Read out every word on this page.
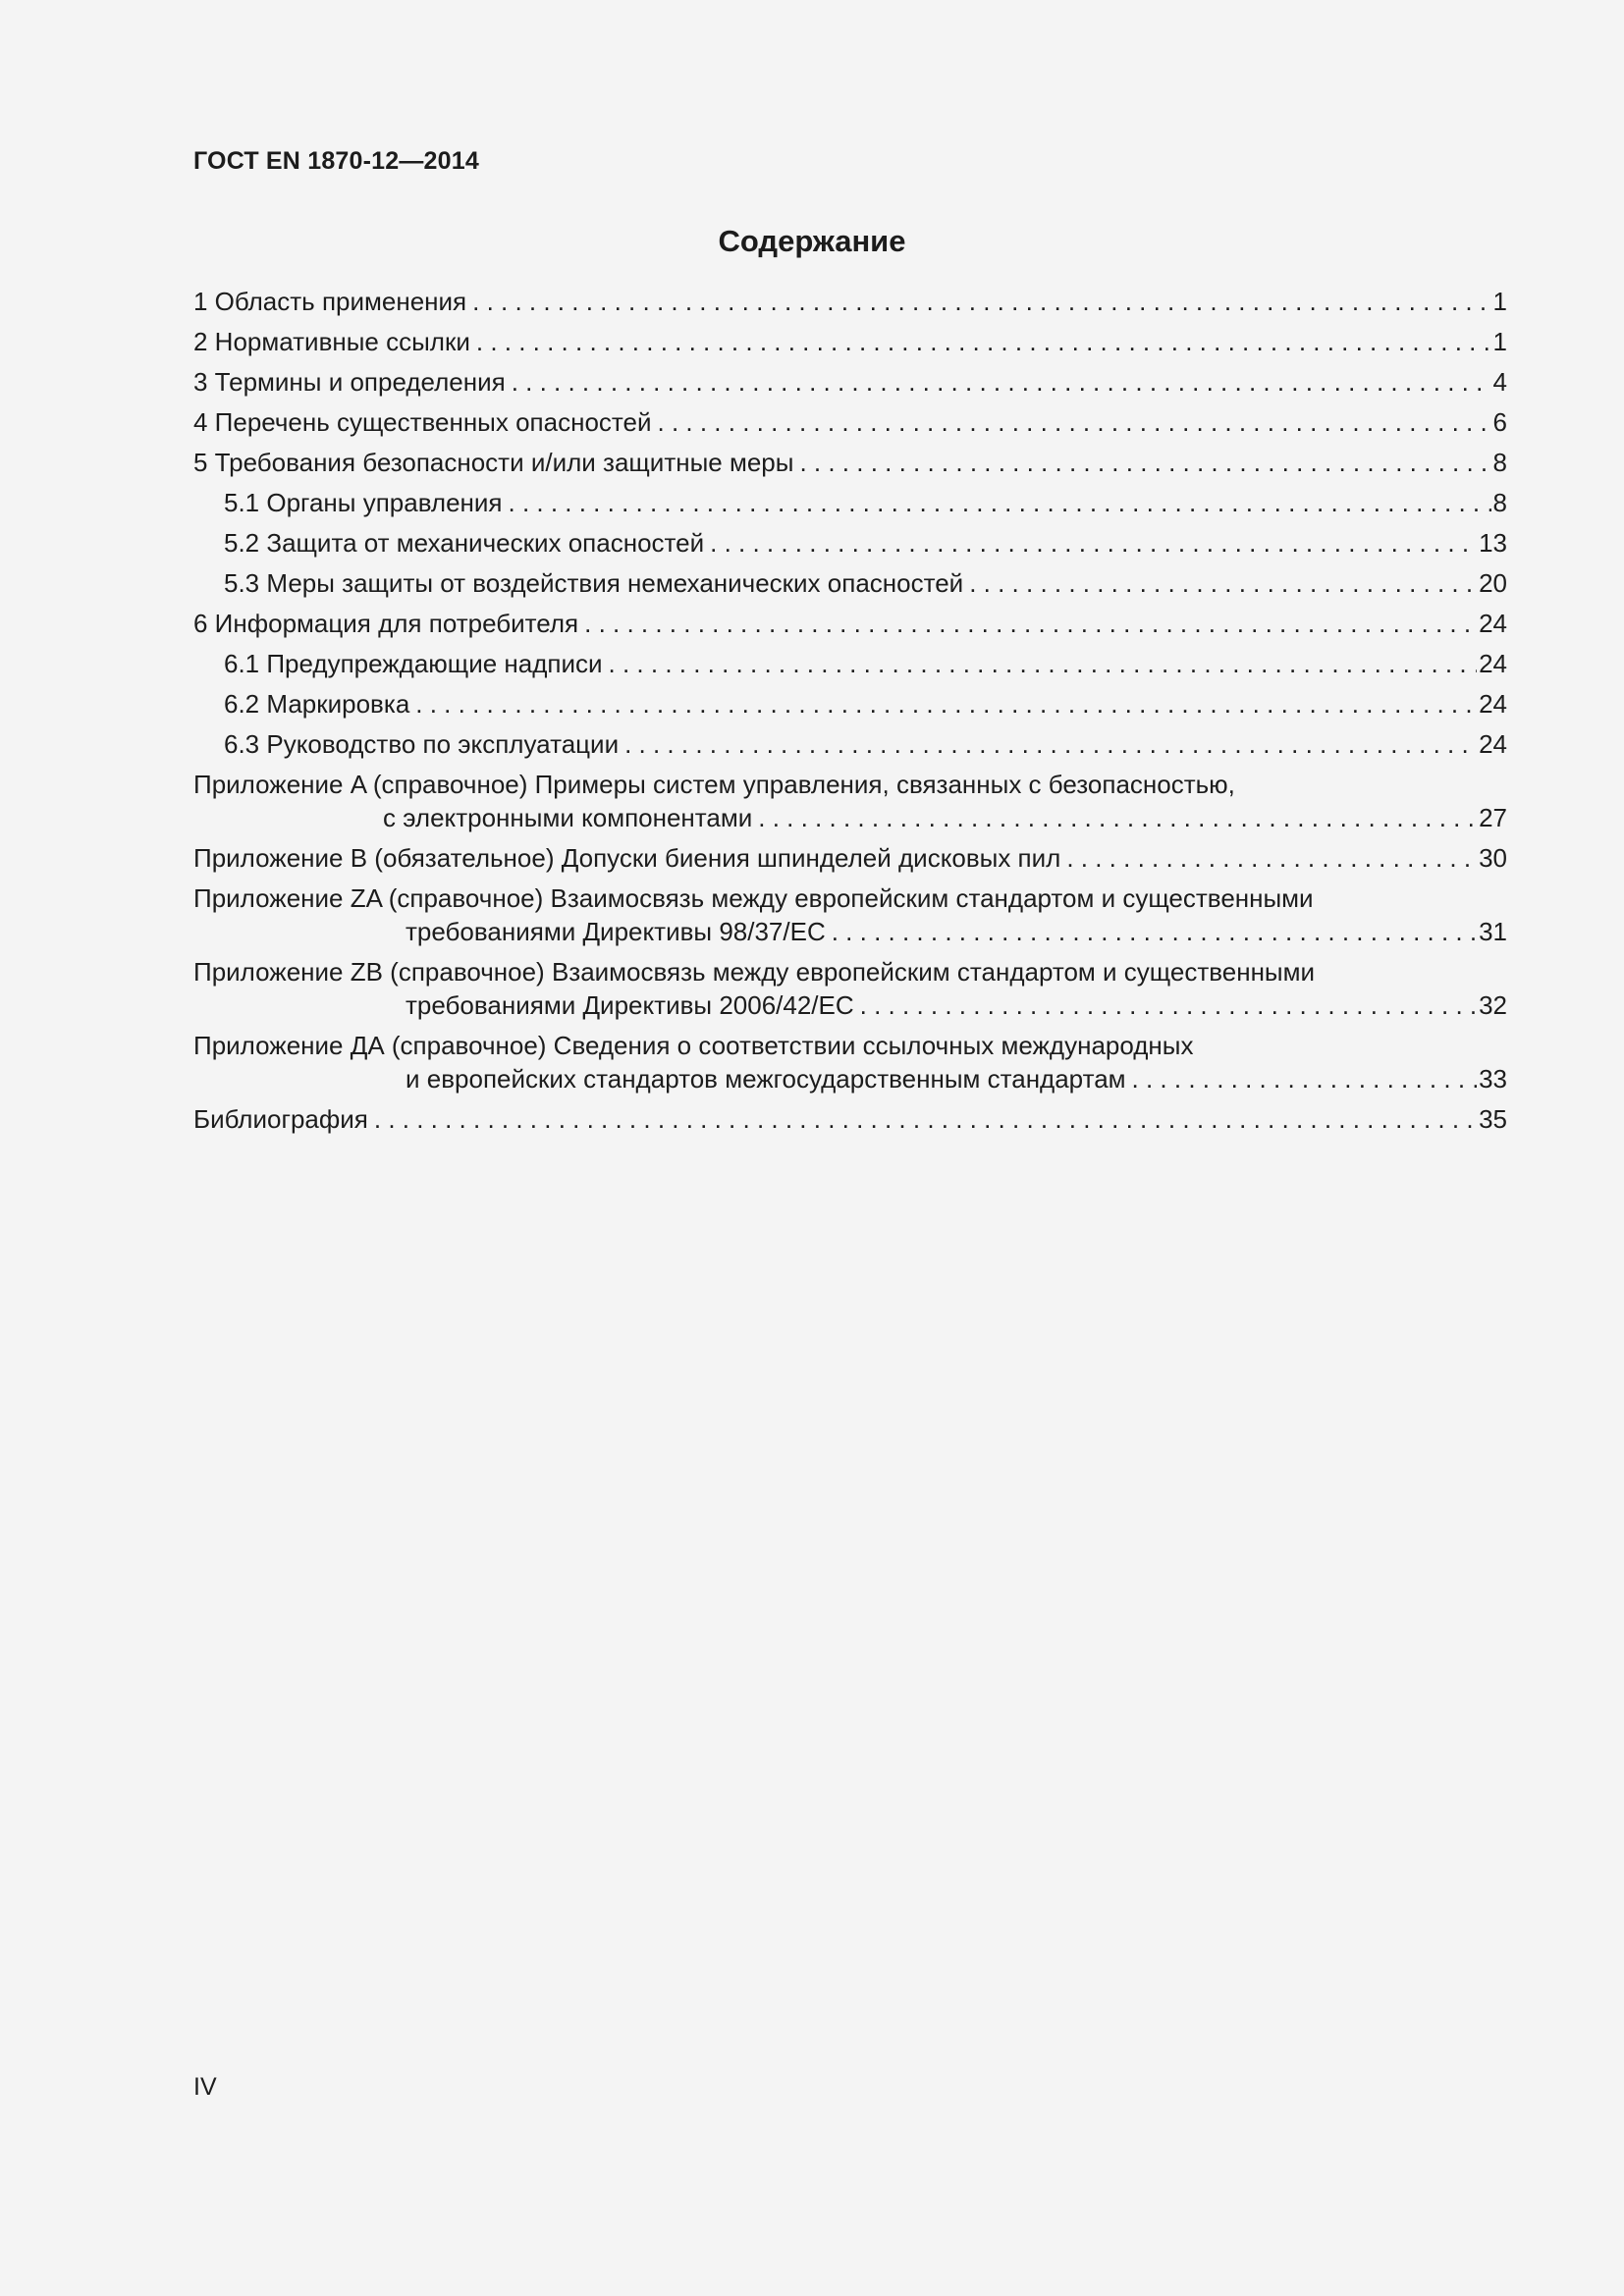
ГОСТ EN 1870-12—2014
Содержание
1 Область применения . . .	1
2 Нормативные ссылки . . .	1
3 Термины и определения . . .	4
4 Перечень существенных опасностей . . .	6
5 Требования безопасности и/или защитные меры . . .	8
5.1 Органы управления . . .	8
5.2 Защита от механических опасностей . . .	13
5.3 Меры защиты от воздействия немеханических опасностей . . .	20
6 Информация для потребителя . . .	24
6.1 Предупреждающие надписи . . .	24
6.2 Маркировка . . .	24
6.3 Руководство по эксплуатации . . .	24
Приложение A (справочное) Примеры систем управления, связанных с безопасностью,
с электронными компонентами . . .	27
Приложение B (обязательное) Допуски биения шпинделей дисковых пил . . .	30
Приложение ZA (справочное) Взаимосвязь между европейским стандартом и существенными
требованиями Директивы 98/37/EC . . .	31
Приложение ZB (справочное) Взаимосвязь между европейским стандартом и существенными
требованиями Директивы 2006/42/EC . . .	32
Приложение ДА (справочное) Сведения о соответствии ссылочных международных
и европейских стандартов межгосударственным стандартам . . .	33
Библиография . . .	35
IV
